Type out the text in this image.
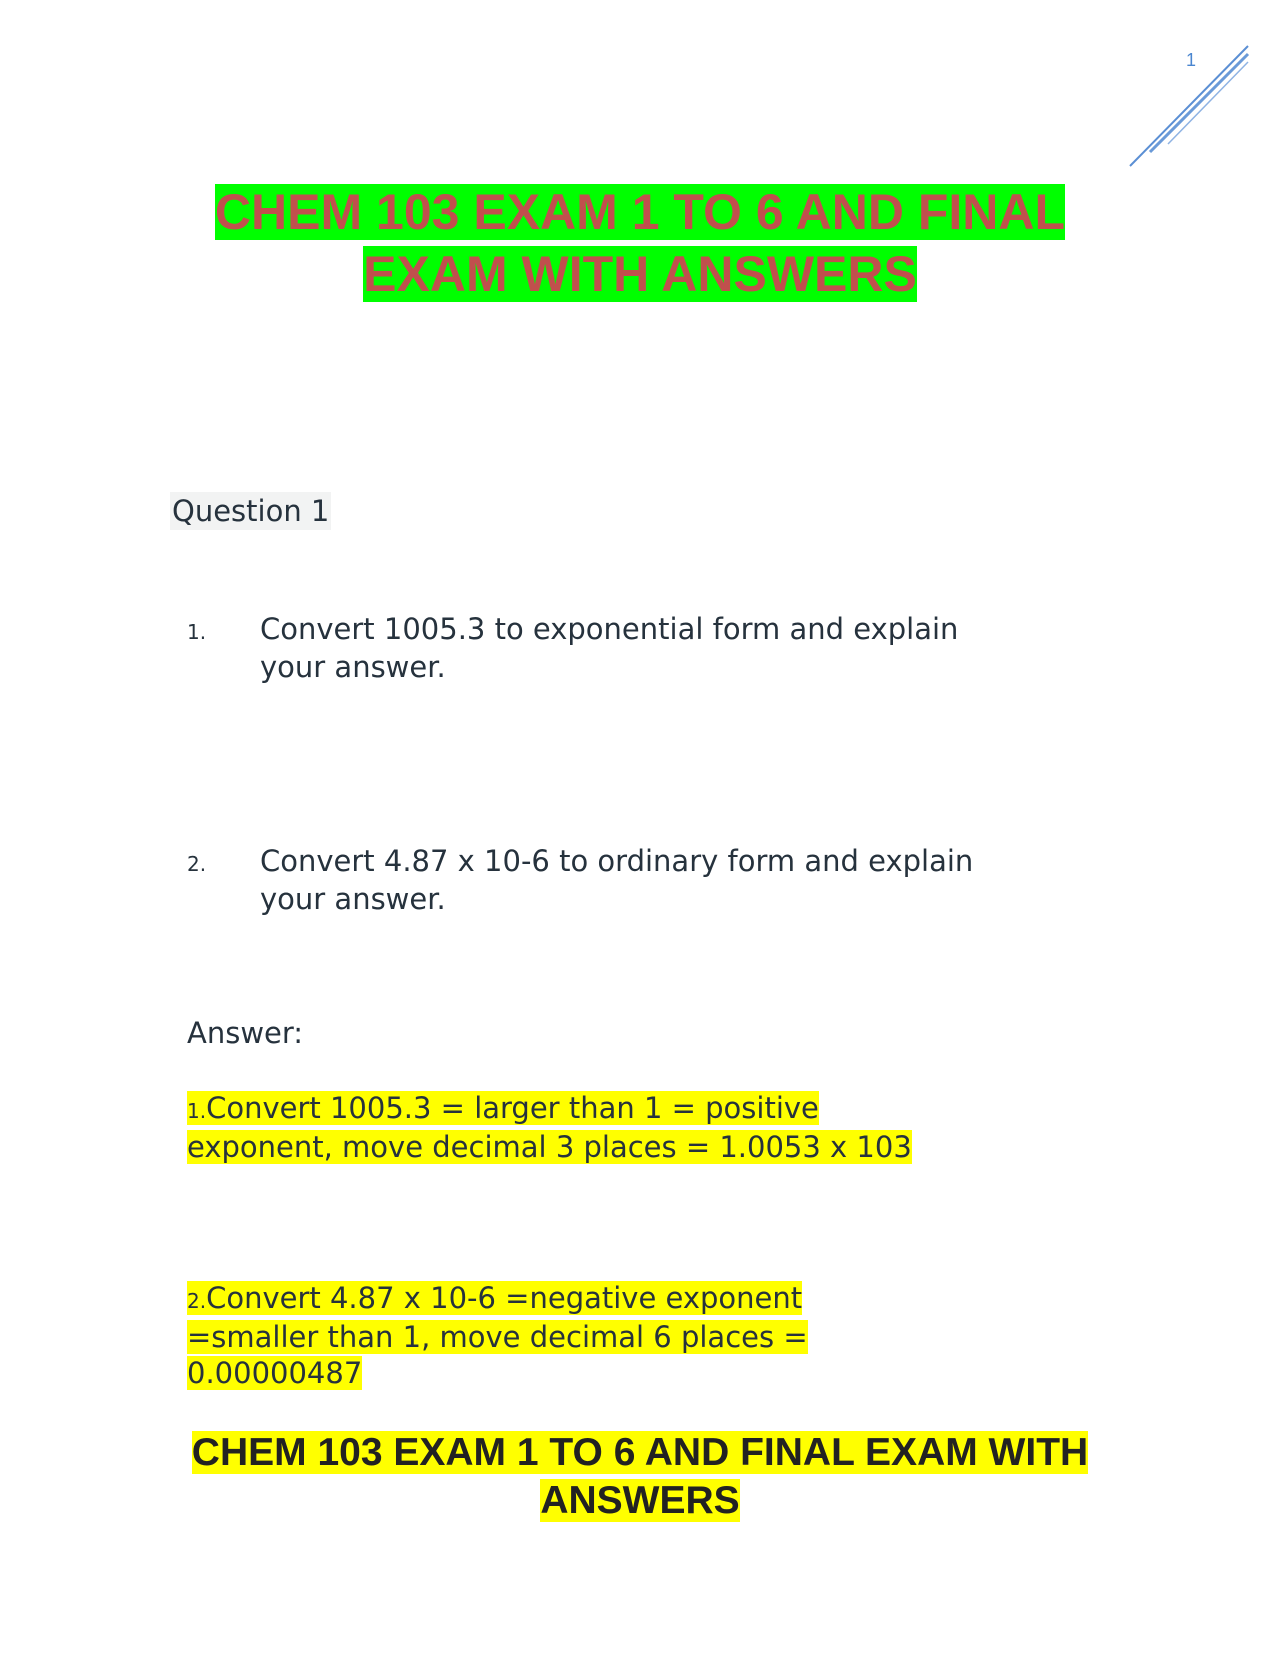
1
CHEM 103 EXAM 1 TO 6 AND FINAL
EXAM WITH ANSWERS
Question 1
1. Convert 1005.3 to exponential form and explain
your answer.
2. Convert 4.87 x 10-6 to ordinary form and explain
your answer.
Answer:
1.Convert 1005.3 = larger than 1 = positive
exponent, move decimal 3 places = 1.0053 x 103
2.Convert 4.87 x 10-6 =negative exponent
=smaller than 1, move decimal 6 places =
0.00000487
CHEM 103 EXAM 1 TO 6 AND FINAL EXAM WITH
ANSWERS
